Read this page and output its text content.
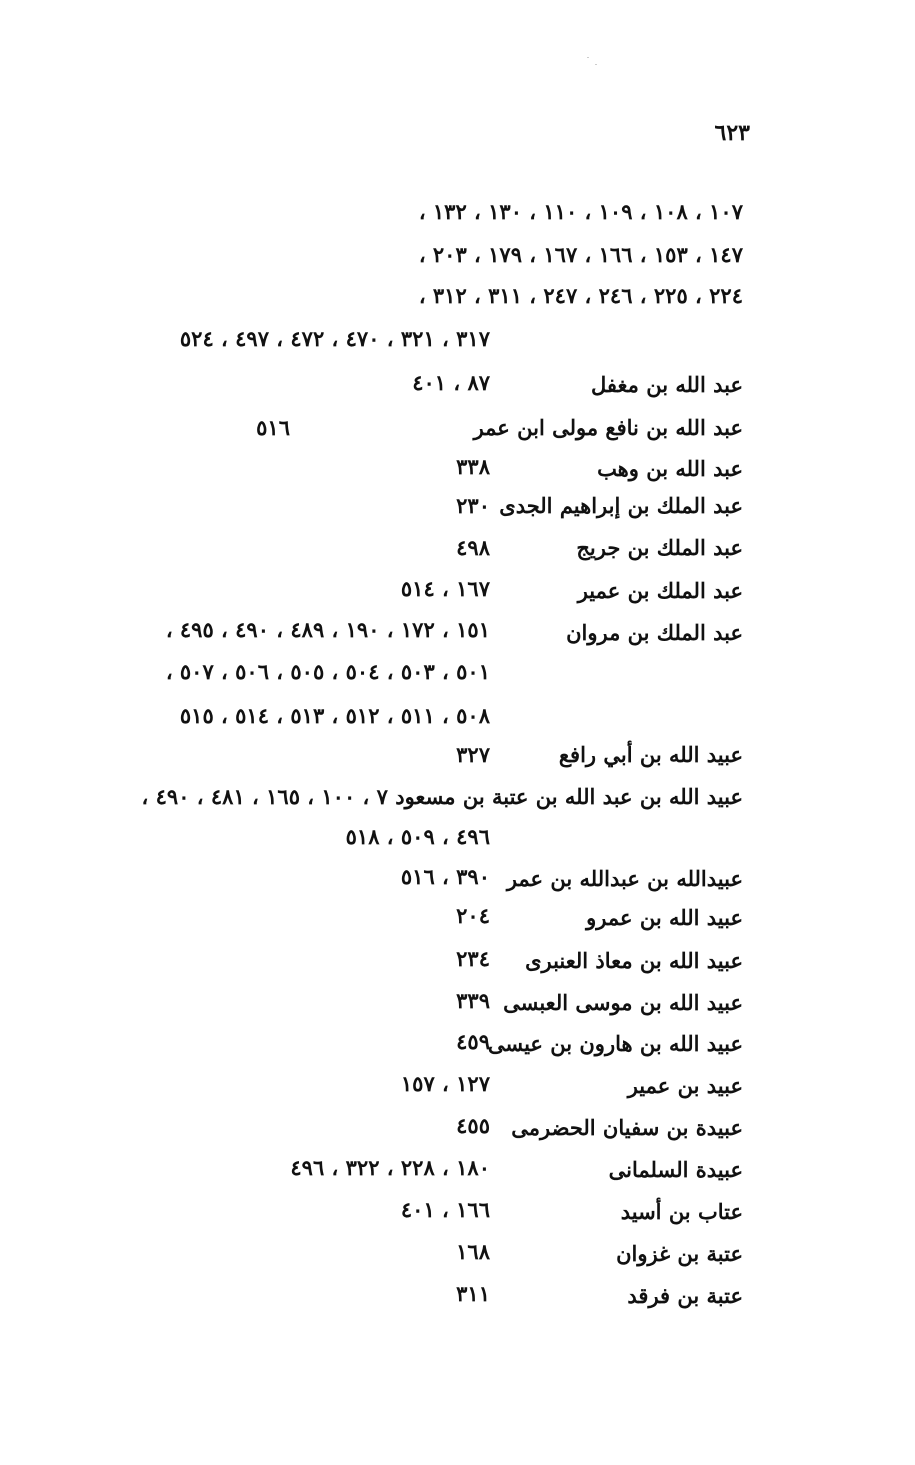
٦٢٣
١٠٧ ، ١٠٨ ، ١٠٩ ، ١١٠ ، ١٣٠ ، ١٣٢ ،
١٤٧ ، ١٥٣ ، ١٦٦ ، ١٦٧ ، ١٧٩ ، ٢٠٣ ،
٢٢٤ ، ٢٢٥ ، ٢٤٦ ، ٢٤٧ ، ٣١١ ، ٣١٢ ،
٣١٧ ، ٣٢١ ، ٤٧٠ ، ٤٧٢ ، ٤٩٧ ، ٥٢٤
عبد الله بن مغفل
٨٧ ، ٤٠١
عبد الله بن نافع مولى ابن عمر
٥١٦
عبد الله بن وهب
٣٣٨
عبد الملك بن إبراهيم الجدى
٢٣٠
عبد الملك بن جريج
٤٩٨
عبد الملك بن عمير
١٦٧ ، ٥١٤
عبد الملك بن مروان
١٥١ ، ١٧٢ ، ١٩٠ ، ٤٨٩ ، ٤٩٠ ، ٤٩٥ ،
٥٠١ ، ٥٠٣ ، ٥٠٤ ، ٥٠٥ ، ٥٠٦ ، ٥٠٧ ،
٥٠٨ ، ٥١١ ، ٥١٢ ، ٥١٣ ، ٥١٤ ، ٥١٥
عبيد الله بن أبي رافع
٣٢٧
عبيد الله بن عبد الله بن عتبة بن مسعود ٧ ، ١٠٠ ، ١٦٥ ، ٤٨١ ، ٤٩٠ ،
٤٩٦ ، ٥٠٩ ، ٥١٨
عبيدالله بن عبدالله بن عمر
٣٩٠ ، ٥١٦
عبيد الله بن عمرو
٢٠٤
عبيد الله بن معاذ العنبرى
٢٣٤
عبيد الله بن موسى العبسى
٣٣٩
عبيد الله بن هارون بن عيسى
٤٥٩
عبيد بن عمير
١٢٧ ، ١٥٧
عبيدة بن سفيان الحضرمى
٤٥٥
عبيدة السلمانى
١٨٠ ، ٢٢٨ ، ٣٢٢ ، ٤٩٦
عتاب بن أسيد
١٦٦ ، ٤٠١
عتبة بن غزوان
١٦٨
عتبة بن فرقد
٣١١
